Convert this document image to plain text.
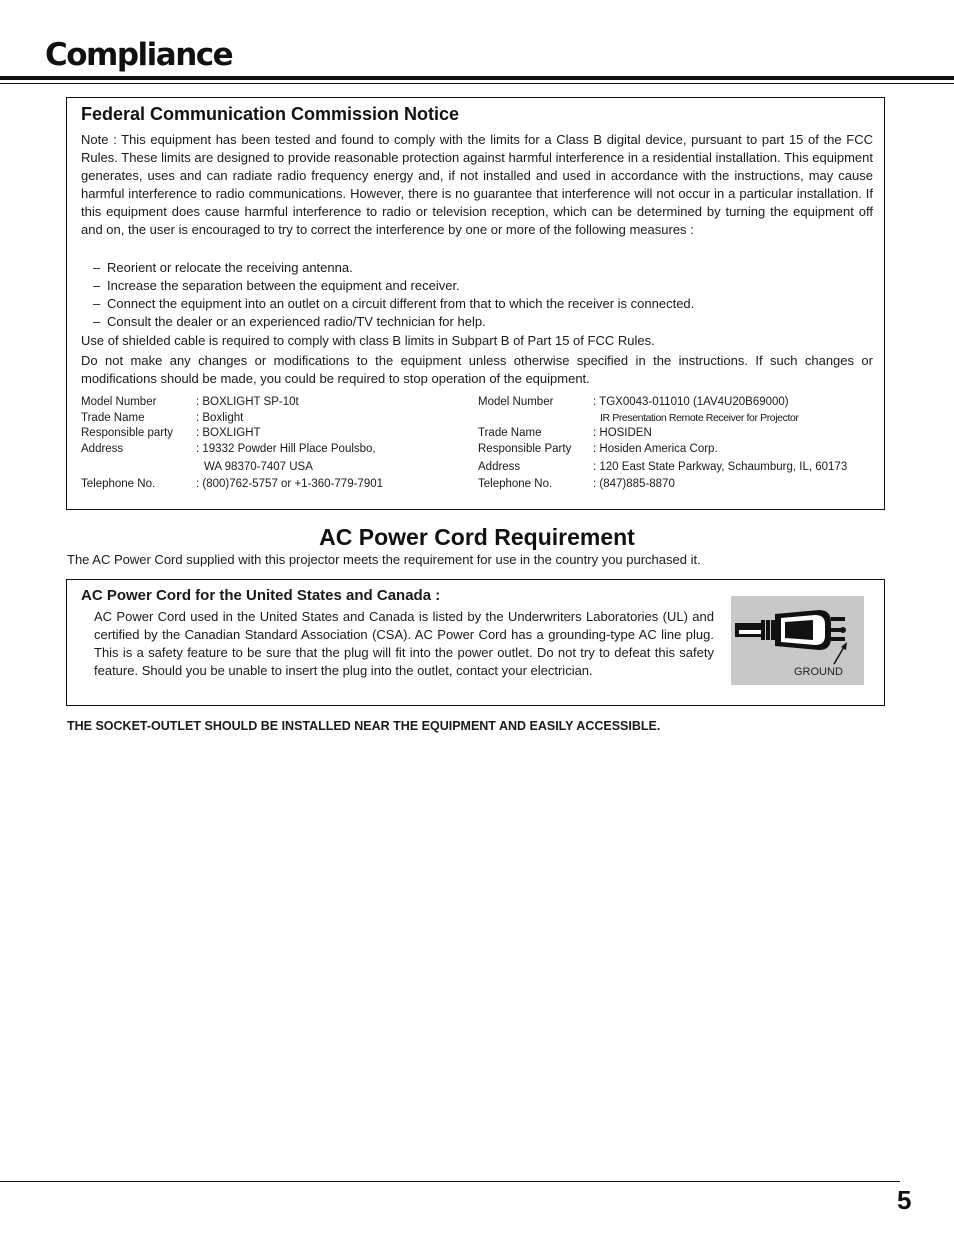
Compliance
Federal Communication Commission Notice

Note : This equipment has been tested and found to comply with the limits for a Class B digital device, pursuant to part 15 of the FCC Rules. These limits are designed to provide reasonable protection against harmful interference in a residential installation. This equipment generates, uses and can radiate radio frequency energy and, if not installed and used in accordance with the instructions, may cause harmful interference to radio communications. However, there is no guarantee that interference will not occur in a particular installation. If this equipment does cause harmful interference to radio or television reception, which can be determined by turning the equipment off and on, the user is encouraged to try to correct the interference by one or more of the following measures :

– Reorient or relocate the receiving antenna.
– Increase the separation between the equipment and receiver.
– Connect the equipment into an outlet on a circuit different from that to which the receiver is connected.
– Consult the dealer or an experienced radio/TV technician for help.

Use of shielded cable is required to comply with class B limits in Subpart B of Part 15 of FCC Rules.

Do not make any changes or modifications to the equipment unless otherwise specified in the instructions. If such changes or modifications should be made, you could be required to stop operation of the equipment.

Model Number	: BOXLIGHT SP-10t
Trade Name	: Boxlight
Responsible party : BOXLIGHT
Address	: 19332 Powder Hill Place Poulsbo,
WA 98370-7407 USA
Telephone No.	: (800)762-5757 or +1-360-779-7901
Model Number	: TGX0043-011010 (1AV4U20B69000)
IR Presentation Remote Receiver for Projector
Trade Name	: HOSIDEN
Responsible Party : Hosiden America Corp.
Address	: 120 East State Parkway, Schaumburg, IL, 60173
Telephone No.	: (847)885-8870
AC Power Cord Requirement
The AC Power Cord supplied with this projector meets the requirement for use in the country you purchased it.
AC Power Cord for the United States and Canada :

AC Power Cord used in the United States and Canada is listed by the Underwriters Laboratories (UL) and certified by the Canadian Standard Association (CSA). AC Power Cord has a grounding-type AC line plug. This is a safety feature to be sure that the plug will fit into the power outlet. Do not try to defeat this safety feature. Should you be unable to insert the plug into the outlet, contact your electrician.	GROUND
THE SOCKET-OUTLET SHOULD BE INSTALLED NEAR THE EQUIPMENT AND EASILY ACCESSIBLE.
5
